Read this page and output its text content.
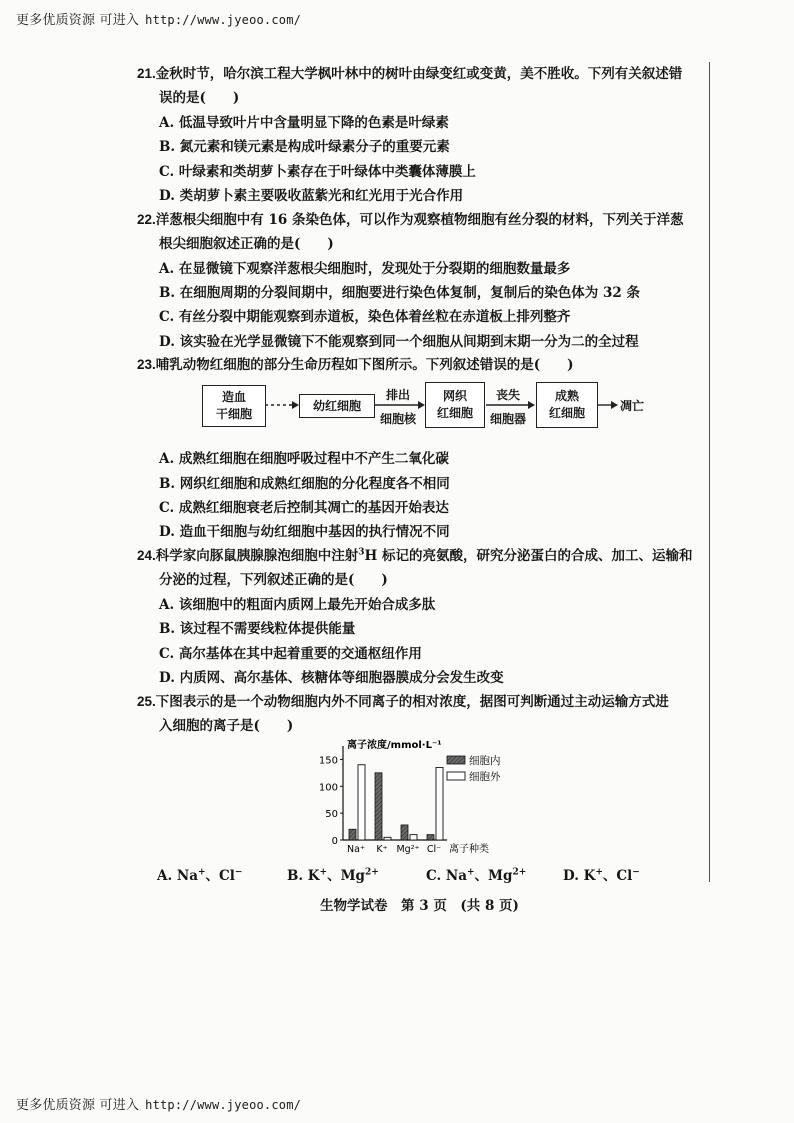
更多优质资源 可进入 http://www.jyeoo.com/
21.金秋时节，哈尔滨工程大学枫叶林中的树叶由绿变红或变黄，美不胜收。下列有关叙述错
误的是(　　)
A. 低温导致叶片中含量明显下降的色素是叶绿素
B. 氮元素和镁元素是构成叶绿素分子的重要元素
C. 叶绿素和类胡萝卜素存在于叶绿体中类囊体薄膜上
D. 类胡萝卜素主要吸收蓝紫光和红光用于光合作用
22.洋葱根尖细胞中有 16 条染色体，可以作为观察植物细胞有丝分裂的材料，下列关于洋葱
根尖细胞叙述正确的是(　　)
A. 在显微镜下观察洋葱根尖细胞时，发现处于分裂期的细胞数量最多
B. 在细胞周期的分裂间期中，细胞要进行染色体复制，复制后的染色体为 32 条
C. 有丝分裂中期能观察到赤道板，染色体着丝粒在赤道板上排列整齐
D. 该实验在光学显微镜下不能观察到同一个细胞从间期到末期一分为二的全过程
23.哺乳动物红细胞的部分生命历程如下图所示。下列叙述错误的是(　　)
造血
干细胞
幼红细胞
排出
细胞核
网织
红细胞
丧失
细胞器
成熟
红细胞	凋亡
A. 成熟红细胞在细胞呼吸过程中不产生二氧化碳
B. 网织红细胞和成熟红细胞的分化程度各不相同
C. 成熟红细胞衰老后控制其凋亡的基因开始表达
D. 造血干细胞与幼红细胞中基因的执行情况不同
24.科学家向豚鼠胰腺腺泡细胞中注射$^3$H 标记的亮氨酸，研究分泌蛋白的合成、加工、运输和
分泌的过程，下列叙述正确的是(　　)
A. 该细胞中的粗面内质网上最先开始合成多肽
B. 该过程不需要线粒体提供能量
C. 高尔基体在其中起着重要的交通枢纽作用
D. 内质网、高尔基体、核糖体等细胞器膜成分会发生改变
25.下图表示的是一个动物细胞内外不同离子的相对浓度，据图可判断通过主动运输方式进
入细胞的离子是(　　)
离子浓度/mmol·L⁻¹
0
50
100
150
Na⁺ K⁺ Mg²⁺ Cl⁻ 离子种类
细胞内
细胞外
A. Na+、Cl−	B. K+、$Mg^{2+}$	C. Na+、$Mg^{2+}$	D. K+、Cl−
生物学试卷　第 3 页　(共 8 页)
更多优质资源 可进入 http://www.jyeoo.com/
